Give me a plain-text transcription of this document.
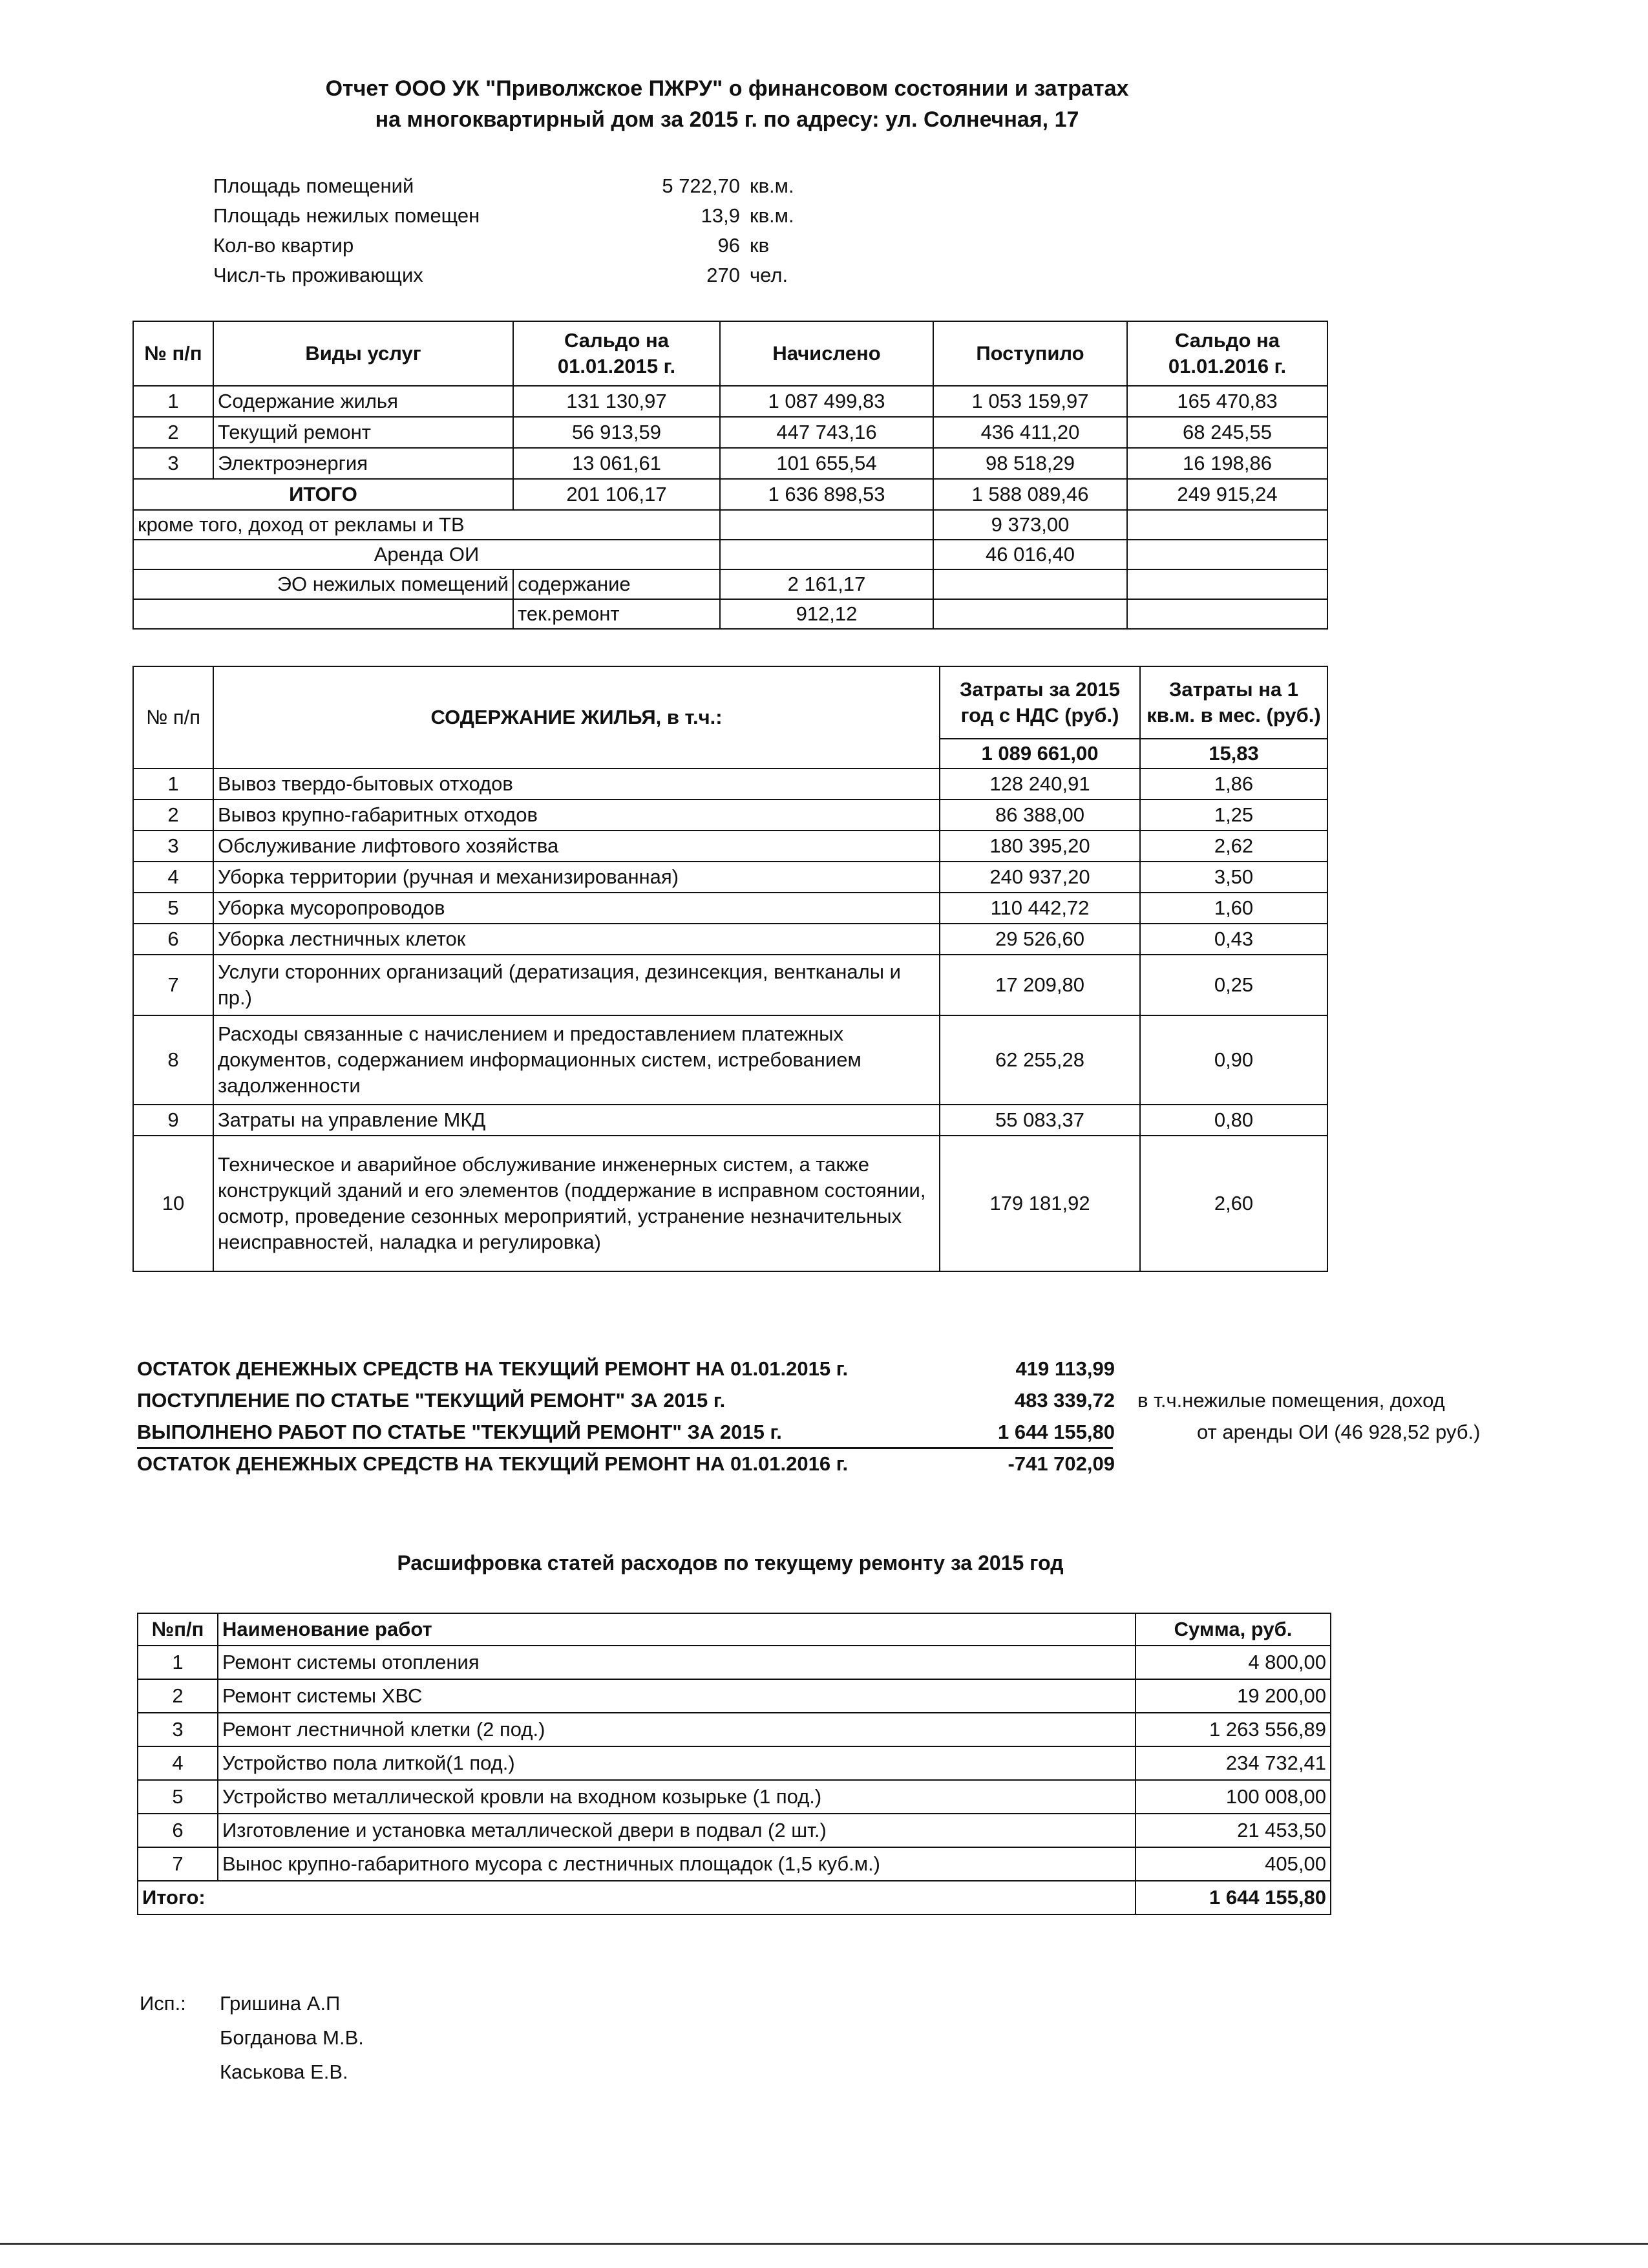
Отчет ООО УК "Приволжское ПЖРУ" о финансовом состоянии и затратах
на многоквартирный дом за 2015 г. по адресу: ул. Солнечная, 17
Площадь помещений	5 722,70 кв.м.
Площадь нежилых помещен	13,9 кв.м.
Кол-во квартир	96 кв
Числ-ть проживающих	270 чел.
№ п/п	Виды услуг	Сальдо на 01.01.2015 г.	Начислено	Поступило	Сальдо на 01.01.2016 г.
1	Содержание жилья	131 130,97	1 087 499,83	1 053 159,97	165 470,83
2	Текущий ремонт	56 913,59	447 743,16	436 411,20	68 245,55
3	Электроэнергия	13 061,61	101 655,54	98 518,29	16 198,86
ИТОГО		201 106,17	1 636 898,53	1 588 089,46	249 915,24
кроме того, доход от рекламы и ТВ				9 373,00	
Аренда ОИ				46 016,40	
ЭО нежилых помещений		содержание	2 161,17		
		тек.ремонт	912,12		
№ п/п	СОДЕРЖАНИЕ ЖИЛЬЯ, в т.ч.:	Затраты за 2015 год с НДС (руб.)	Затраты на 1 кв.м. в мес. (руб.)
		1 089 661,00	15,83
1	Вывоз твердо-бытовых отходов	128 240,91	1,86
2	Вывоз крупно-габаритных отходов	86 388,00	1,25
3	Обслуживание лифтового хозяйства	180 395,20	2,62
4	Уборка территории (ручная и механизированная)	240 937,20	3,50
5	Уборка мусоропроводов	110 442,72	1,60
6	Уборка лестничных клеток	29 526,60	0,43
7	Услуги сторонних организаций (дератизация, дезинсекция, вентканалы и пр.)	17 209,80	0,25
8	Расходы связанные с начислением и предоставлением платежных документов, содержанием информационных систем, истребованием задолженности	62 255,28	0,90
9	Затраты на управление МКД	55 083,37	0,80
10	Техническое и аварийное обслуживание инженерных систем, а также конструкций зданий и его элементов (поддержание в исправном состоянии, осмотр, проведение сезонных мероприятий, устранение незначительных неисправностей, наладка и регулировка)	179 181,92	2,60
ОСТАТОК ДЕНЕЖНЫХ СРЕДСТВ НА ТЕКУЩИЙ РЕМОНТ НА 01.01.2015 г.	419 113,99
ПОСТУПЛЕНИЕ ПО СТАТЬЕ "ТЕКУЩИЙ РЕМОНТ" ЗА 2015 г.	483 339,72
ВЫПОЛНЕНО РАБОТ ПО СТАТЬЕ "ТЕКУЩИЙ РЕМОНТ" ЗА 2015 г.	1 644 155,80
ОСТАТОК ДЕНЕЖНЫХ СРЕДСТВ НА ТЕКУЩИЙ РЕМОНТ НА 01.01.2016 г.	-741 702,09
в т.ч.нежилые помещения, доход
от аренды ОИ (46 928,52 руб.)
Расшифровка статей расходов по текущему ремонту за 2015 год
№п/п	Наименование работ	Сумма, руб.
1	Ремонт системы отопления	4 800,00
2	Ремонт системы ХВС	19 200,00
3	Ремонт лестничной клетки (2 под.)	1 263 556,89
4	Устройство пола литкой(1 под.)	234 732,41
5	Устройство металлической кровли на входном козырьке (1 под.)	100 008,00
6	Изготовление и установка металлической двери в подвал (2 шт.)	21 453,50
7	Вынос крупно-габаритного мусора с лестничных площадок (1,5 куб.м.)	405,00
Итого:		1 644 155,80
Исп.: Гришина А.П
Богданова М.В.
Каськова Е.В.
